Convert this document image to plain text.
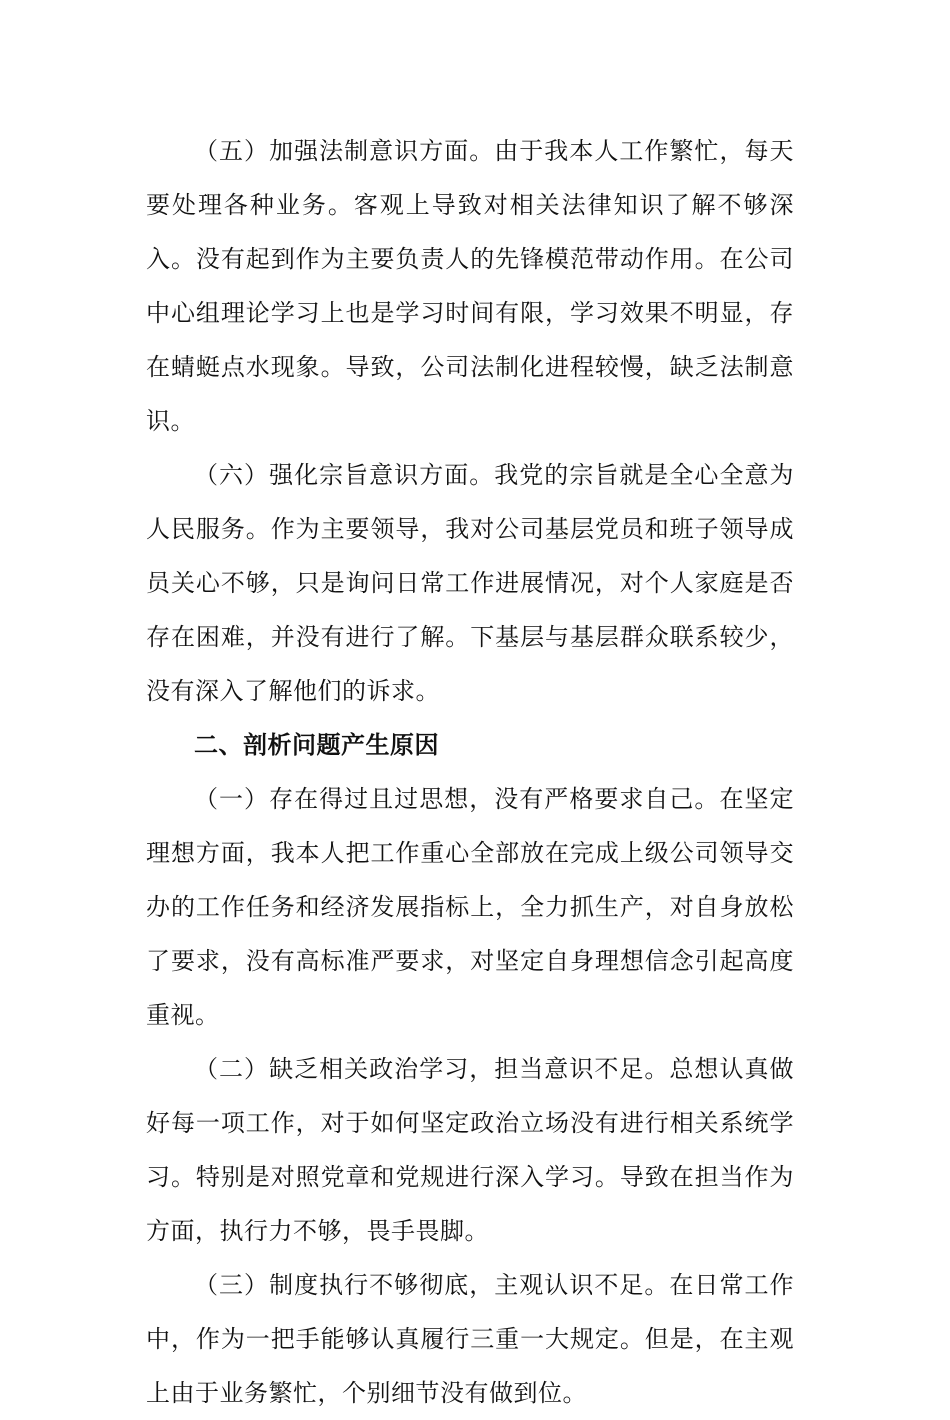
（五）加强法制意识方面。由于我本人工作繁忙，每天要处理各种业务。客观上导致对相关法律知识了解不够深入。没有起到作为主要负责人的先锋模范带动作用。在公司中心组理论学习上也是学习时间有限，学习效果不明显，存在蜻蜓点水现象。导致，公司法制化进程较慢，缺乏法制意识。

（六）强化宗旨意识方面。我党的宗旨就是全心全意为人民服务。作为主要领导，我对公司基层党员和班子领导成员关心不够，只是询问日常工作进展情况，对个人家庭是否存在困难，并没有进行了解。下基层与基层群众联系较少，没有深入了解他们的诉求。

二、剖析问题产生原因

（一）存在得过且过思想，没有严格要求自己。在坚定理想方面，我本人把工作重心全部放在完成上级公司领导交办的工作任务和经济发展指标上，全力抓生产，对自身放松了要求，没有高标准严要求，对坚定自身理想信念引起高度重视。

（二）缺乏相关政治学习，担当意识不足。总想认真做好每一项工作，对于如何坚定政治立场没有进行相关系统学习。特别是对照党章和党规进行深入学习。导致在担当作为方面，执行力不够，畏手畏脚。

（三）制度执行不够彻底，主观认识不足。在日常工作中，作为一把手能够认真履行三重一大规定。但是，在主观上由于业务繁忙，个别细节没有做到位。
